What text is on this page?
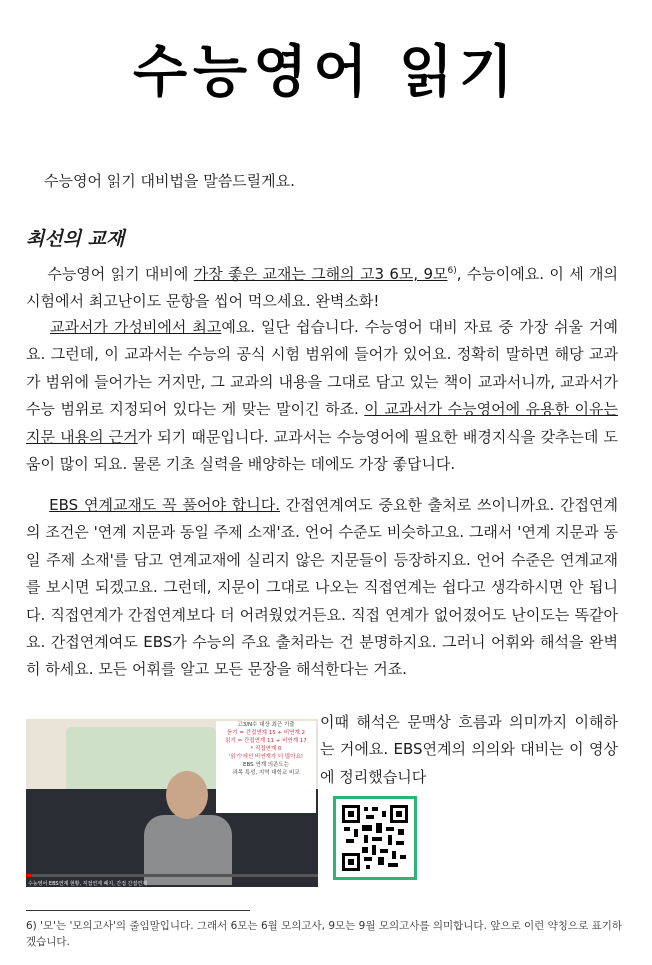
수능영어 읽기
수능영어 읽기 대비법을 말씀드릴게요.
최선의 교재
수능영어 읽기 대비에 가장 좋은 교재는 그해의 고3 6모, 9모$^{6)}$, 수능이에요. 이 세 개의 시험에서 최고난이도 문항을 씹어 먹으세요. 완벽소화!
교과서가 가성비에서 최고예요. 일단 쉽습니다. 수능영어 대비 자료 중 가장 쉬울 거예요. 그런데, 이 교과서는 수능의 공식 시험 범위에 들어가 있어요. 정확히 말하면 해당 교과가 범위에 들어가는 거지만, 그 교과의 내용을 그대로 담고 있는 책이 교과서니까, 교과서가 수능 범위로 지정되어 있다는 게 맞는 말이긴 하죠. 이 교과서가 수능영어에 유용한 이유는 지문 내용의 근거가 되기 때문입니다. 교과서는 수능영어에 필요한 배경지식을 갖추는데 도움이 많이 되요. 물론 기초 실력을 배양하는 데에도 가장 좋답니다.
EBS 연계교재도 꼭 풀어야 합니다. 간접연계여도 중요한 출처로 쓰이니까요. 간접연계의 조건은 '연계 지문과 동일 주제 소재'죠. 언어 수준도 비슷하고요. 그래서 '연계 지문과 동일 주제 소재'를 담고 연계교재에 실리지 않은 지문들이 등장하지요. 언어 수준은 연계교재를 보시면 되겠고요. 그런데, 지문이 그대로 나오는 직접연계는 쉽다고 생각하시면 안 됩니다. 직접연계가 간접연계보다 더 어려웠었거든요. 직접 연계가 없어졌어도 난이도는 똑같아요. 간접연계여도 EBS가 수능의 주요 출처라는 건 분명하지요. 그러니 어휘와 해석을 완벽히 하세요. 모든 어휘를 알고 모든 문장을 해석한다는 거죠.
고3/N수 대상 최근 기출
듣기 = 간접연계 15 + 비연계 2
읽기 = 간접연계 11 + 비연계 17
* 직접연계 0
'읽기'에선 비연계가 더 많아요!
EBS 연계 의존도는
과목 특성, 지역 대학교 비교
수능영어 EBS연계 현황, 직접연계 폐지, 간접 간접연계
이때 해석은 문맥상 흐름과 의미까지 이해하는 거에요. EBS연계의 의의와 대비는 이 영상에 정리했습니다
6) '모'는 '모의고사'의 줄임말입니다. 그래서 6모는 6월 모의고사, 9모는 9월 모의고사를 의미합니다. 앞으로 이런 약칭으로 표기하겠습니다.
